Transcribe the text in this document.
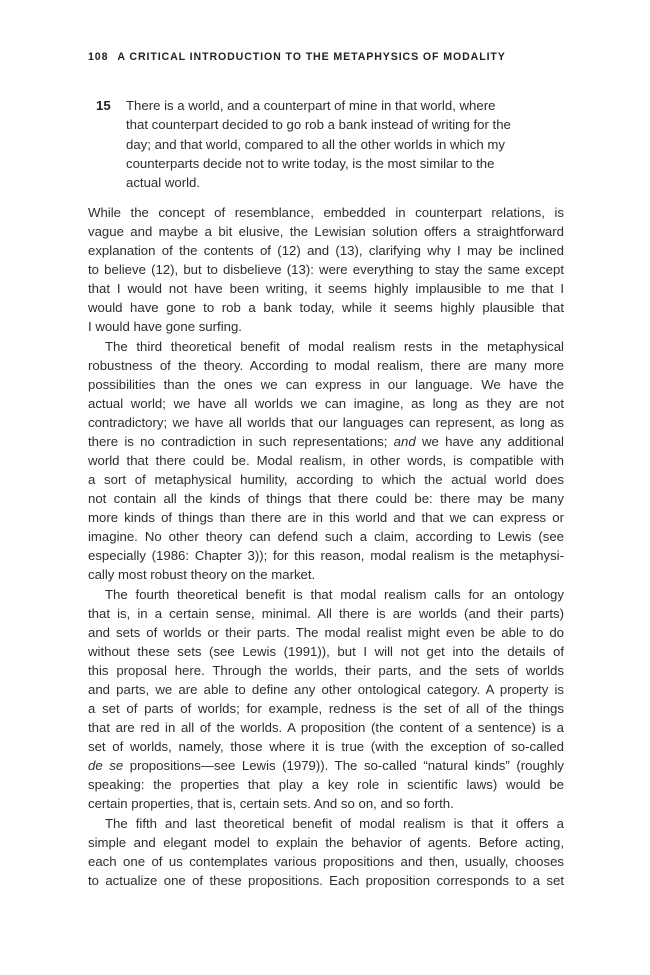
108 A CRITICAL INTRODUCTION TO THE METAPHYSICS OF MODALITY
15 There is a world, and a counterpart of mine in that world, where
that counterpart decided to go rob a bank instead of writing for the
day; and that world, compared to all the other worlds in which my
counterparts decide not to write today, is the most similar to the
actual world.
While the concept of resemblance, embedded in counterpart relations, is
vague and maybe a bit elusive, the Lewisian solution offers a straightforward
explanation of the contents of (12) and (13), clarifying why I may be inclined
to believe (12), but to disbelieve (13): were everything to stay the same except
that I would not have been writing, it seems highly implausible to me that I
would have gone to rob a bank today, while it seems highly plausible that
I would have gone surfing.
The third theoretical benefit of modal realism rests in the metaphysical
robustness of the theory. According to modal realism, there are many more
possibilities than the ones we can express in our language. We have the
actual world; we have all worlds we can imagine, as long as they are not
contradictory; we have all worlds that our languages can represent, as long as
there is no contradiction in such representations; and we have any additional
world that there could be. Modal realism, in other words, is compatible with
a sort of metaphysical humility, according to which the actual world does
not contain all the kinds of things that there could be: there may be many
more kinds of things than there are in this world and that we can express or
imagine. No other theory can defend such a claim, according to Lewis (see
especially (1986: Chapter 3)); for this reason, modal realism is the metaphysi-
cally most robust theory on the market.
The fourth theoretical benefit is that modal realism calls for an ontology
that is, in a certain sense, minimal. All there is are worlds (and their parts)
and sets of worlds or their parts. The modal realist might even be able to do
without these sets (see Lewis (1991)), but I will not get into the details of
this proposal here. Through the worlds, their parts, and the sets of worlds
and parts, we are able to define any other ontological category. A property is
a set of parts of worlds; for example, redness is the set of all of the things
that are red in all of the worlds. A proposition (the content of a sentence) is a
set of worlds, namely, those where it is true (with the exception of so-called
de se propositions—see Lewis (1979)). The so-called “natural kinds” (roughly
speaking: the properties that play a key role in scientific laws) would be
certain properties, that is, certain sets. And so on, and so forth.
The fifth and last theoretical benefit of modal realism is that it offers a
simple and elegant model to explain the behavior of agents. Before acting,
each one of us contemplates various propositions and then, usually, chooses
to actualize one of these propositions. Each proposition corresponds to a set
